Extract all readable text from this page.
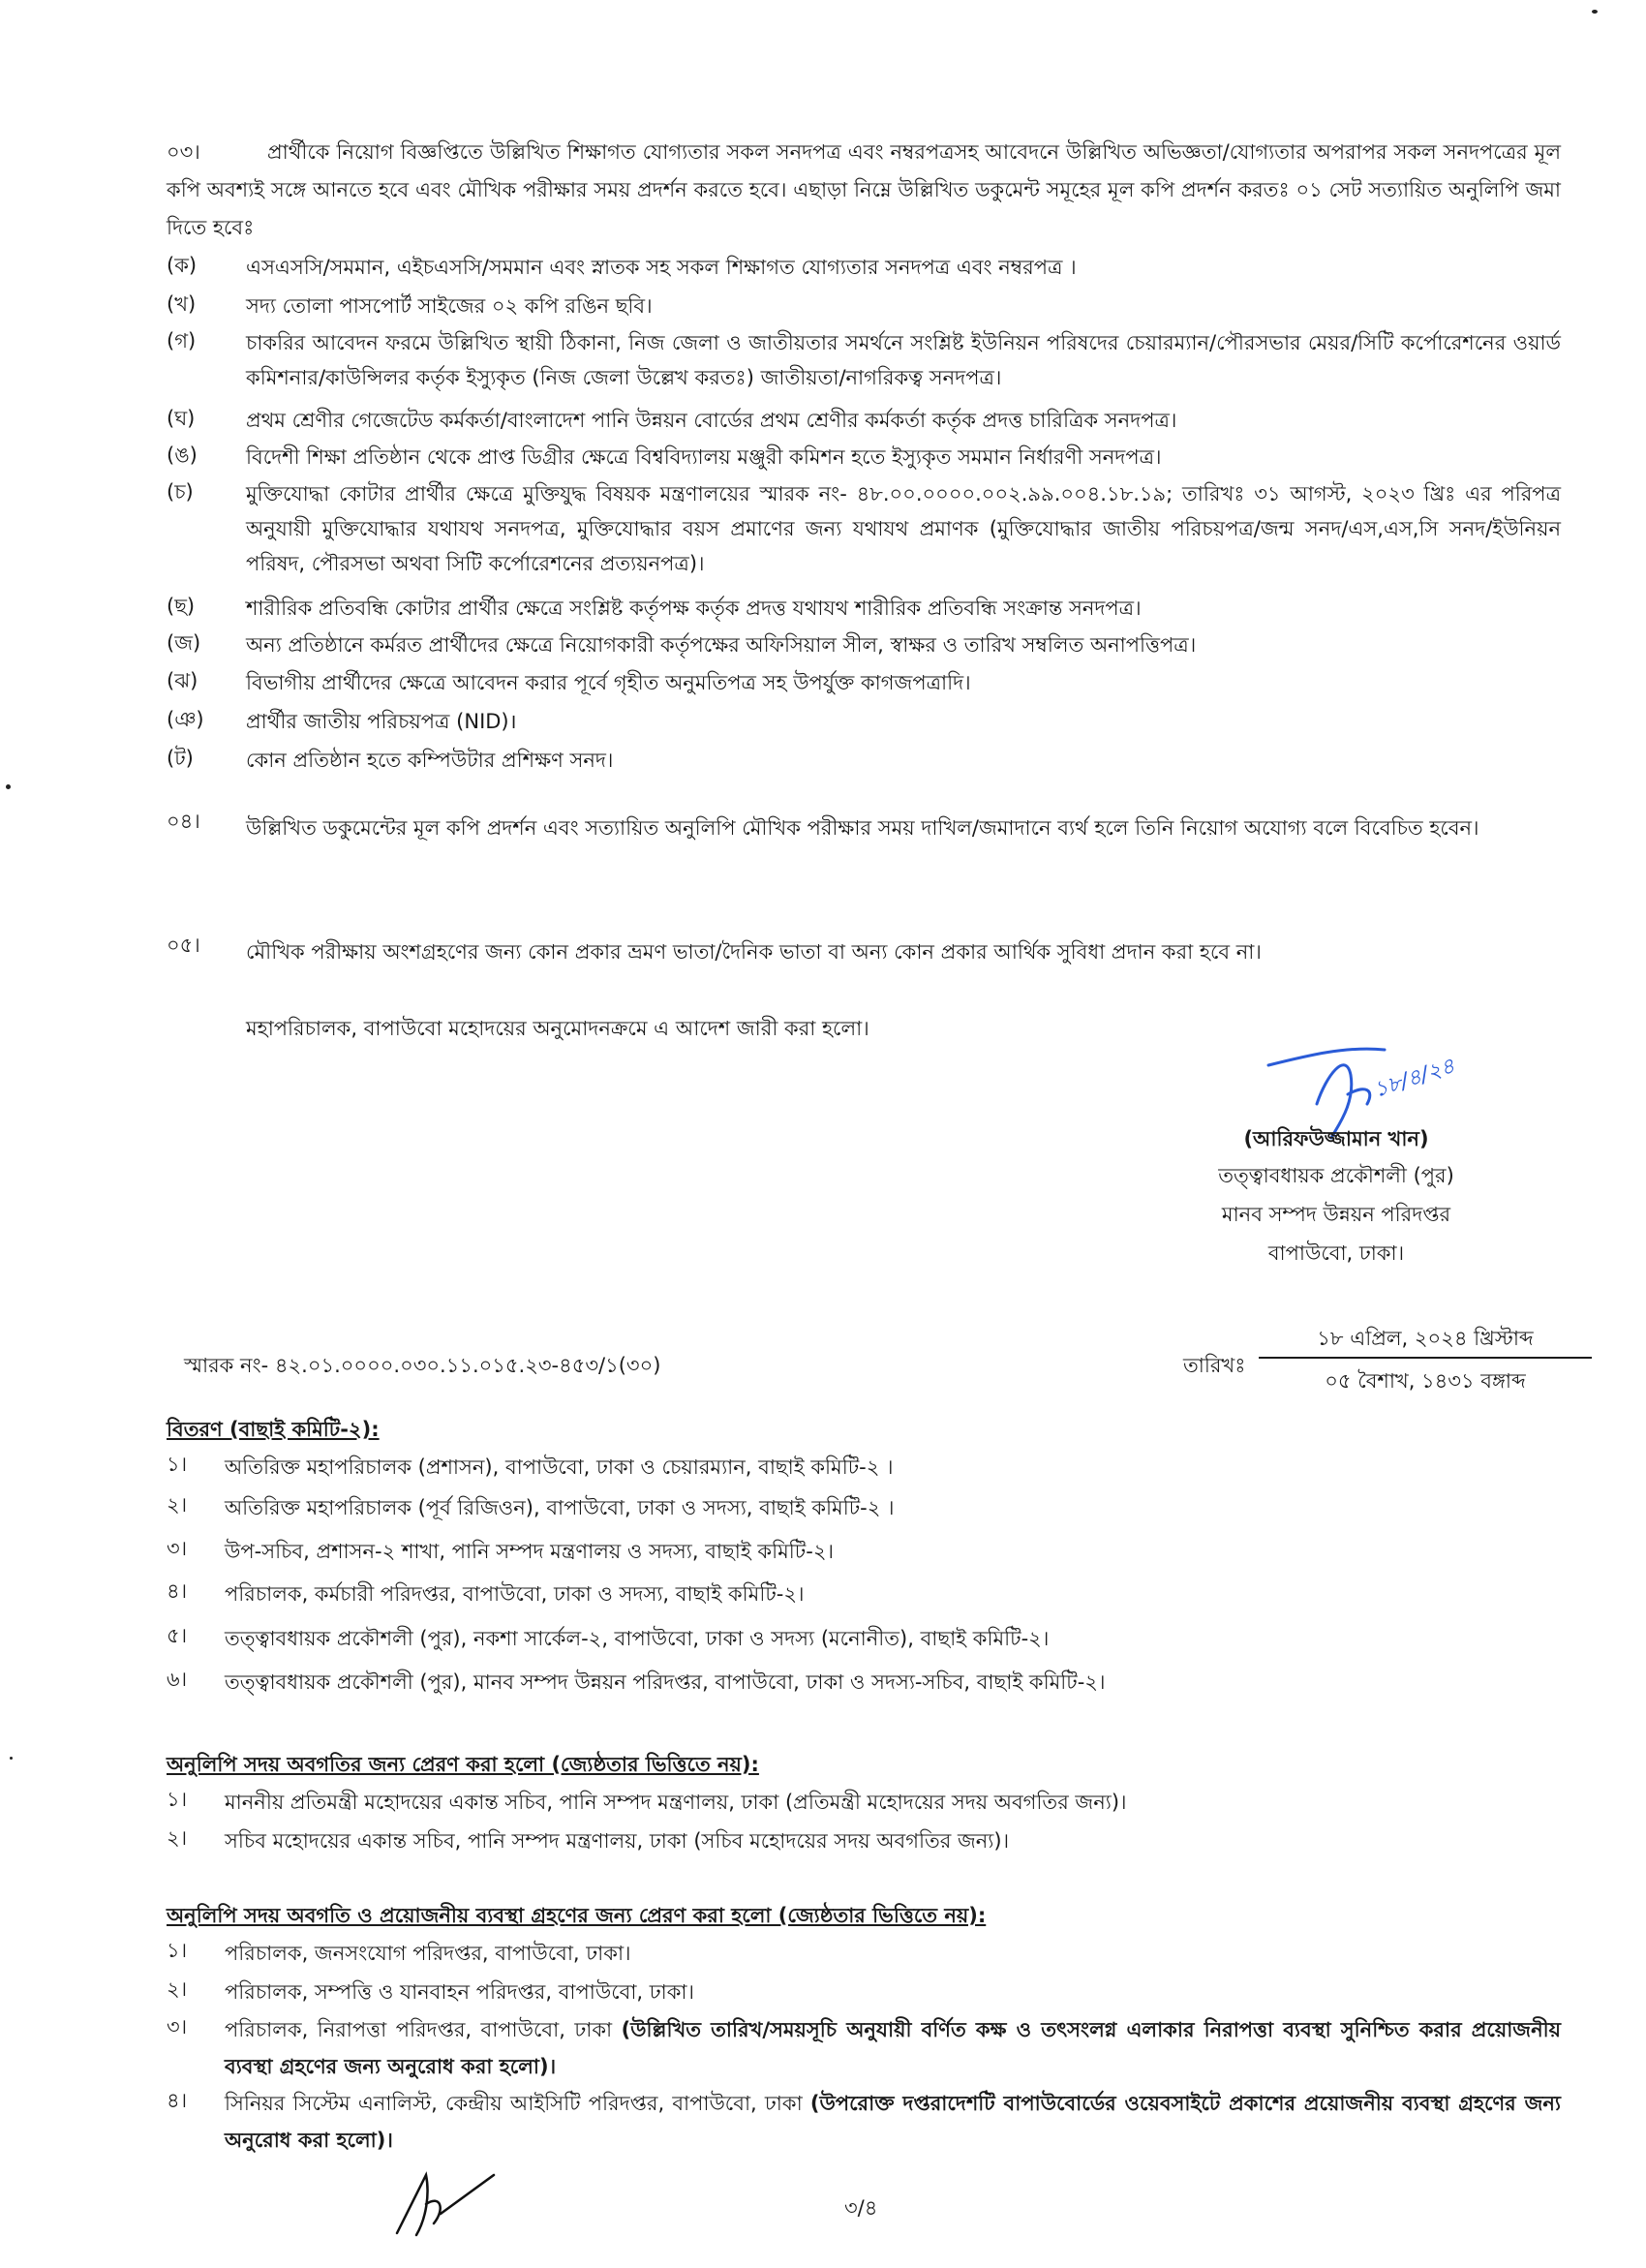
০৩।	প্রার্থীকে নিয়োগ বিজ্ঞপ্তিতে উল্লিখিত শিক্ষাগত যোগ্যতার সকল সনদপত্র এবং নম্বরপত্রসহ আবেদনে উল্লিখিত অভিজ্ঞতা/যোগ্যতার অপরাপর সকল সনদপত্রের মূল কপি অবশ্যই সঙ্গে আনতে হবে এবং মৌখিক পরীক্ষার সময় প্রদর্শন করতে হবে। এছাড়া নিম্নে উল্লিখিত ডকুমেন্ট সমূহের মূল কপি প্রদর্শন করতঃ ০১ সেট সত্যায়িত অনুলিপি জমা দিতে হবেঃ
(ক) এসএসসি/সমমান, এইচএসসি/সমমান এবং স্নাতক সহ সকল শিক্ষাগত যোগ্যতার সনদপত্র এবং নম্বরপত্র ।
(খ) সদ্য তোলা পাসপোর্ট সাইজের ০২ কপি রঙিন ছবি।
(গ) চাকরির আবেদন ফরমে উল্লিখিত স্থায়ী ঠিকানা, নিজ জেলা ও জাতীয়তার সমর্থনে সংশ্লিষ্ট ইউনিয়ন পরিষদের চেয়ারম্যান/পৌরসভার মেয়র/সিটি কর্পোরেশনের ওয়ার্ড কমিশনার/কাউন্সিলর কর্তৃক ইস্যুকৃত (নিজ জেলা উল্লেখ করতঃ) জাতীয়তা/নাগরিকত্ব সনদপত্র।
(ঘ)	প্রথম শ্রেণীর গেজেটেড কর্মকর্তা/বাংলাদেশ পানি উন্নয়ন বোর্ডের প্রথম শ্রেণীর কর্মকর্তা কর্তৃক প্রদত্ত চারিত্রিক সনদপত্র।
(ঙ) বিদেশী শিক্ষা প্রতিষ্ঠান থেকে প্রাপ্ত ডিগ্রীর ক্ষেত্রে বিশ্ববিদ্যালয় মঞ্জুরী কমিশন হতে ইস্যুকৃত সমমান নির্ধারণী সনদপত্র।
(চ)	মুক্তিযোদ্ধা কোটার প্রার্থীর ক্ষেত্রে মুক্তিযুদ্ধ বিষয়ক মন্ত্রণালয়ের স্মারক নং- ৪৮.০০.০০০০.০০২.৯৯.০০৪.১৮.১৯; তারিখঃ ৩১ আগস্ট, ২০২৩ খ্রিঃ এর পরিপত্র অনুযায়ী মুক্তিযোদ্ধার যথাযথ সনদপত্র, মুক্তিযোদ্ধার বয়স প্রমাণের জন্য যথাযথ প্রমাণক (মুক্তিযোদ্ধার জাতীয় পরিচয়পত্র/জন্ম সনদ/এস,এস,সি সনদ/ইউনিয়ন পরিষদ, পৌরসভা অথবা সিটি কর্পোরেশনের প্রত্যয়নপত্র)।
(ছ)	শারীরিক প্রতিবন্ধি কোটার প্রার্থীর ক্ষেত্রে সংশ্লিষ্ট কর্তৃপক্ষ কর্তৃক প্রদত্ত যথাযথ শারীরিক প্রতিবন্ধি সংক্রান্ত সনদপত্র।
(জ) অন্য প্রতিষ্ঠানে কর্মরত প্রার্থীদের ক্ষেত্রে নিয়োগকারী কর্তৃপক্ষের অফিসিয়াল সীল, স্বাক্ষর ও তারিখ সম্বলিত অনাপত্তিপত্র।
(ঝ) বিভাগীয় প্রার্থীদের ক্ষেত্রে আবেদন করার পূর্বে গৃহীত অনুমতিপত্র সহ উপর্যুক্ত কাগজপত্রাদি।
(ঞ) প্রার্থীর জাতীয় পরিচয়পত্র (NID)।
(ট)	কোন প্রতিষ্ঠান হতে কম্পিউটার প্রশিক্ষণ সনদ।
০৪। উল্লিখিত ডকুমেন্টের মূল কপি প্রদর্শন এবং সত্যায়িত অনুলিপি মৌখিক পরীক্ষার সময় দাখিল/জমাদানে ব্যর্থ হলে তিনি নিয়োগ অযোগ্য বলে বিবেচিত হবেন।
০৫। মৌখিক পরীক্ষায় অংশগ্রহণের জন্য কোন প্রকার ভ্রমণ ভাতা/দৈনিক ভাতা বা অন্য কোন প্রকার আর্থিক সুবিধা প্রদান করা হবে না।
মহাপরিচালক, বাপাউবো মহোদয়ের অনুমোদনক্রমে এ আদেশ জারী করা হলো।
১৮/৪/২৪
(আরিফউজ্জামান খান)
তত্ত্বাবধায়ক প্রকৌশলী (পুর)
মানব সম্পদ উন্নয়ন পরিদপ্তর
বাপাউবো, ঢাকা।
স্মারক নং- ৪২.০১.০০০০.০৩০.১১.০১৫.২৩-৪৫৩/১(৩০)	তারিখঃ
১৮ এপ্রিল, ২০২৪ খ্রিস্টাব্দ
০৫ বৈশাখ, ১৪৩১ বঙ্গাব্দ
বিতরণ (বাছাই কমিটি-২):
১। অতিরিক্ত মহাপরিচালক (প্রশাসন), বাপাউবো, ঢাকা ও চেয়ারম্যান, বাছাই কমিটি-২ ।
২। অতিরিক্ত মহাপরিচালক (পূর্ব রিজিওন), বাপাউবো, ঢাকা ও সদস্য, বাছাই কমিটি-২ ।
৩। উপ-সচিব, প্রশাসন-২ শাখা, পানি সম্পদ মন্ত্রণালয় ও সদস্য, বাছাই কমিটি-২।
৪। পরিচালক, কর্মচারী পরিদপ্তর, বাপাউবো, ঢাকা ও সদস্য, বাছাই কমিটি-২।
৫। তত্ত্বাবধায়ক প্রকৌশলী (পুর), নকশা সার্কেল-২, বাপাউবো, ঢাকা ও সদস্য (মনোনীত), বাছাই কমিটি-২।
৬। তত্ত্বাবধায়ক প্রকৌশলী (পুর), মানব সম্পদ উন্নয়ন পরিদপ্তর, বাপাউবো, ঢাকা ও সদস্য-সচিব, বাছাই কমিটি-২।
অনুলিপি সদয় অবগতির জন্য প্রেরণ করা হলো (জ্যেষ্ঠতার ভিত্তিতে নয়):
১। মাননীয় প্রতিমন্ত্রী মহোদয়ের একান্ত সচিব, পানি সম্পদ মন্ত্রণালয়, ঢাকা (প্রতিমন্ত্রী মহোদয়ের সদয় অবগতির জন্য)।
২। সচিব মহোদয়ের একান্ত সচিব, পানি সম্পদ মন্ত্রণালয়, ঢাকা (সচিব মহোদয়ের সদয় অবগতির জন্য)।
অনুলিপি সদয় অবগতি ও প্রয়োজনীয় ব্যবস্থা গ্রহণের জন্য প্রেরণ করা হলো (জ্যেষ্ঠতার ভিত্তিতে নয়):
১। পরিচালক, জনসংযোগ পরিদপ্তর, বাপাউবো, ঢাকা।
২। পরিচালক, সম্পত্তি ও যানবাহন পরিদপ্তর, বাপাউবো, ঢাকা।
৩। পরিচালক, নিরাপত্তা পরিদপ্তর, বাপাউবো, ঢাকা (উল্লিখিত তারিখ/সময়সূচি অনুযায়ী বর্ণিত কক্ষ ও তৎসংলগ্ন এলাকার নিরাপত্তা ব্যবস্থা সুনিশ্চিত করার প্রয়োজনীয় ব্যবস্থা গ্রহণের জন্য অনুরোধ করা হলো)।
৪। সিনিয়র সিস্টেম এনালিস্ট, কেন্দ্রীয় আইসিটি পরিদপ্তর, বাপাউবো, ঢাকা (উপরোক্ত দপ্তরাদেশটি বাপাউবোর্ডের ওয়েবসাইটে প্রকাশের প্রয়োজনীয় ব্যবস্থা গ্রহণের জন্য অনুরোধ করা হলো)।
৩/৪
